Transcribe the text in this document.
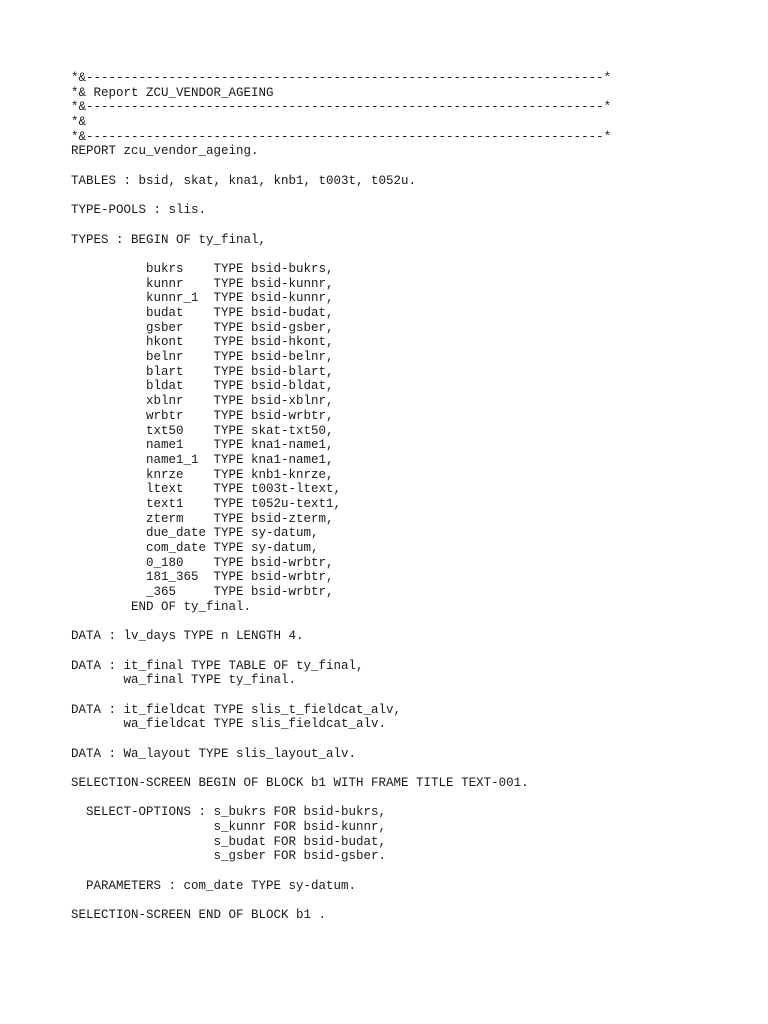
*&---------------------------------------------------------------------*
*& Report ZCU_VENDOR_AGEING
*&---------------------------------------------------------------------*
*&
*&---------------------------------------------------------------------*
REPORT zcu_vendor_ageing.

TABLES : bsid, skat, kna1, knb1, t003t, t052u.

TYPE-POOLS : slis.

TYPES : BEGIN OF ty_final,

bukrs    TYPE bsid-bukrs,
kunnr    TYPE bsid-kunnr,
kunnr_1  TYPE bsid-kunnr,
budat    TYPE bsid-budat,
gsber    TYPE bsid-gsber,
hkont    TYPE bsid-hkont,
belnr    TYPE bsid-belnr,
blart    TYPE bsid-blart,
bldat    TYPE bsid-bldat,
xblnr    TYPE bsid-xblnr,
wrbtr    TYPE bsid-wrbtr,
txt50    TYPE skat-txt50,
name1    TYPE kna1-name1,
name1_1  TYPE kna1-name1,
knrze    TYPE knb1-knrze,
ltext    TYPE t003t-ltext,
text1    TYPE t052u-text1,
zterm    TYPE bsid-zterm,
due_date TYPE sy-datum,
com_date TYPE sy-datum,
0_180    TYPE bsid-wrbtr,
181_365  TYPE bsid-wrbtr,
_365     TYPE bsid-wrbtr,
END OF ty_final.

DATA : lv_days TYPE n LENGTH 4.

DATA : it_final TYPE TABLE OF ty_final,
wa_final TYPE ty_final.

DATA : it_fieldcat TYPE slis_t_fieldcat_alv,
wa_fieldcat TYPE slis_fieldcat_alv.

DATA : Wa_layout TYPE slis_layout_alv.

SELECTION-SCREEN BEGIN OF BLOCK b1 WITH FRAME TITLE TEXT-001.

SELECT-OPTIONS : s_bukrs FOR bsid-bukrs,
s_kunnr FOR bsid-kunnr,
s_budat FOR bsid-budat,
s_gsber FOR bsid-gsber.

PARAMETERS : com_date TYPE sy-datum.

SELECTION-SCREEN END OF BLOCK b1 .
